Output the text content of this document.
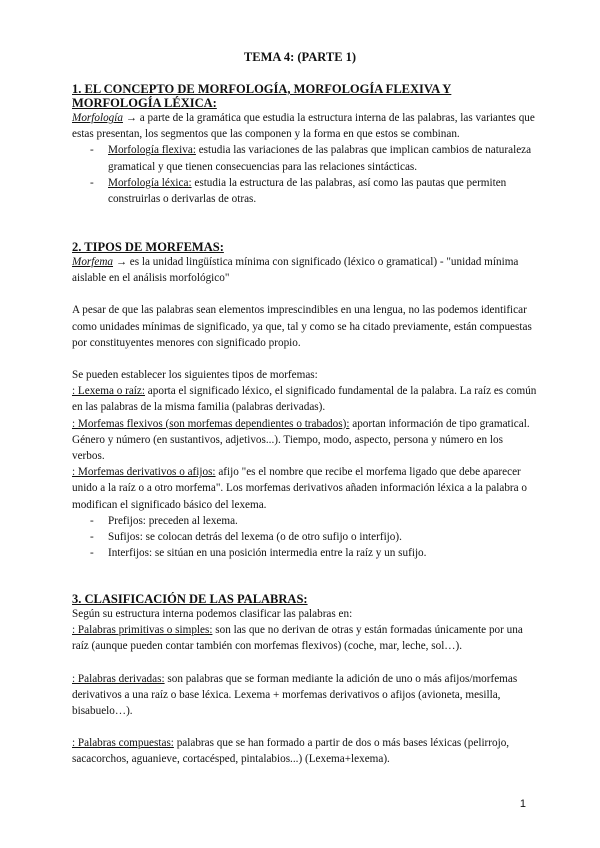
TEMA 4: (PARTE 1)

1. EL CONCEPTO DE MORFOLOGÍA, MORFOLOGÍA FLEXIVA Y MORFOLOGÍA LÉXICA:

Morfología → a parte de la gramática que estudia la estructura interna de las palabras, las variantes que estas presentan, los segmentos que las componen y la forma en que estos se combinan.

- Morfología flexiva: estudia las variaciones de las palabras que implican cambios de naturaleza gramatical y que tienen consecuencias para las relaciones sintácticas.
- Morfología léxica: estudia la estructura de las palabras, así como las pautas que permiten construirlas o derivarlas de otras.

2. TIPOS DE MORFEMAS:

Morfema → es la unidad lingüística mínima con significado (léxico o gramatical) - "unidad mínima aislable en el análisis morfológico"

A pesar de que las palabras sean elementos imprescindibles en una lengua, no las podemos identificar como unidades mínimas de significado, ya que, tal y como se ha citado previamente, están compuestas por constituyentes menores con significado propio.

Se pueden establecer los siguientes tipos de morfemas:

: Lexema o raíz: aporta el significado léxico, el significado fundamental de la palabra. La raíz es común en las palabras de la misma familia (palabras derivadas).

: Morfemas flexivos (son morfemas dependientes o trabados): aportan información de tipo gramatical. Género y número (en sustantivos, adjetivos...). Tiempo, modo, aspecto, persona y número en los verbos.

: Morfemas derivativos o afijos: afijo "es el nombre que recibe el morfema ligado que debe aparecer unido a la raíz o a otro morfema". Los morfemas derivativos añaden información léxica a la palabra o modifican el significado básico del lexema.

- Prefijos: preceden al lexema.
- Sufijos: se colocan detrás del lexema (o de otro sufijo o interfijo).
- Interfijos: se sitúan en una posición intermedia entre la raíz y un sufijo.

3. CLASIFICACIÓN DE LAS PALABRAS:

Según su estructura interna podemos clasificar las palabras en:

: Palabras primitivas o simples: son las que no derivan de otras y están formadas únicamente por una raíz (aunque pueden contar también con morfemas flexivos) (coche, mar, leche, sol…).

: Palabras derivadas: son palabras que se forman mediante la adición de uno o más afijos/morfemas derivativos a una raíz o base léxica. Lexema + morfemas derivativos o afijos (avioneta, mesilla, bisabuelo…).

: Palabras compuestas: palabras que se han formado a partir de dos o más bases léxicas (pelirrojo, sacacorchos, aguanieve, cortacésped, pintalabios...) (Lexema+lexema).

1
